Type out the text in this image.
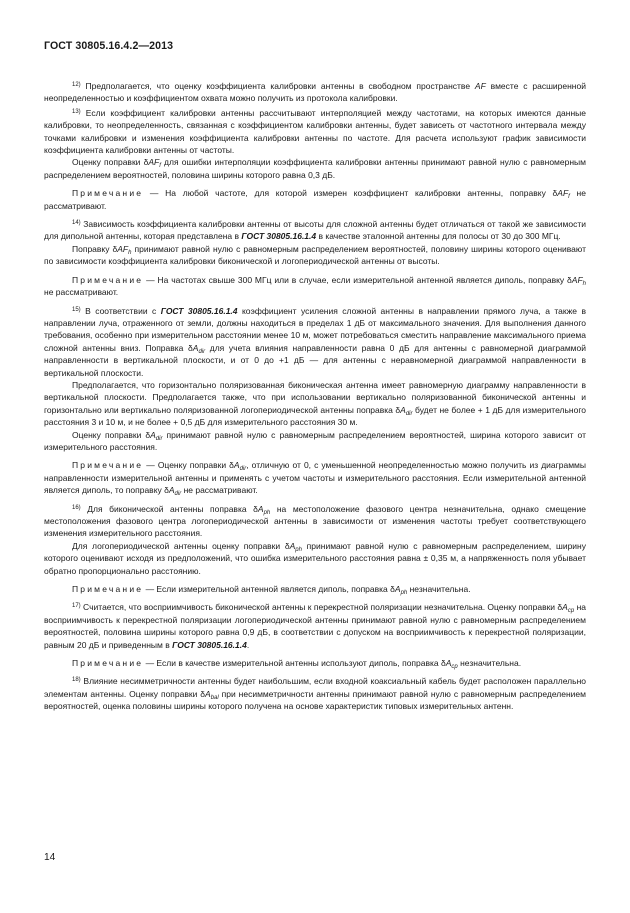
ГОСТ 30805.16.4.2—2013

$^{12)}$ Предполагается, что оценку коэффициента калибровки антенны в свободном пространстве AF вместе с расширенной неопределенностью и коэффициентом охвата можно получить из протокола калибровки.

$^{13)}$ Если коэффициент калибровки антенны рассчитывают интерполяцией между частотами, на которых имеются данные калибровки, то неопределенность, связанная с коэффициентом калибровки антенны, будет зависеть от частотного интервала между точками калибровки и изменения коэффициента калибровки антенны по частоте. Для расчета используют график зависимости коэффициента калибровки антенны от частоты.

Оценку поправки δAF$_f$ для ошибки интерполяции коэффициента калибровки антенны принимают равной нулю с равномерным распределением вероятностей, половина ширины которого равна 0,3 дБ.

Примечание — На любой частоте, для которой измерен коэффициент калибровки антенны, поправку δAF$_f$ не рассматривают.

$^{14)}$ Зависимость коэффициента калибровки антенны от высоты для сложной антенны будет отличаться от такой же зависимости для дипольной антенны, которая представлена в ГОСТ 30805.16.1.4 в качестве эталонной антенны для полосы от 30 до 300 МГц.

Поправку δAF$_h$ принимают равной нулю с равномерным распределением вероятностей, половину ширины которого оценивают по зависимости коэффициента калибровки биконической и логопериодической антенны от высоты.

Примечание — На частотах свыше 300 МГц или в случае, если измерительной антенной является диполь, поправку δAF$_h$ не рассматривают.

$^{15)}$ В соответствии с ГОСТ 30805.16.1.4 коэффициент усиления сложной антенны в направлении прямого луча, а также в направлении луча, отраженного от земли, должны находиться в пределах 1 дБ от максимального значения. Для выполнения данного требования, особенно при измерительном расстоянии менее 10 м, может потребоваться сместить направление максимального приема сложной антенны вниз. Поправка $\delta A_{dir}$ для учета влияния направленности равна 0 дБ для антенны с равномерной диаграммой направленности в вертикальной плоскости, и от 0 до +1 дБ — для антенны с неравномерной диаграммой направленности в вертикальной плоскости.

Предполагается, что горизонтально поляризованная биконическая антенна имеет равномерную диаграмму направленности в вертикальной плоскости. Предполагается также, что при использовании вертикально поляризованной биконической антенны и горизонтально или вертикально поляризованной логопериодической антенны поправка $\delta A_{dir}$ будет не более + 1 дБ для измерительного расстояния 3 и 10 м, и не более + 0,5 дБ для измерительного расстояния 30 м.

Оценку поправки $\delta A_{dir}$ принимают равной нулю с равномерным распределением вероятностей, ширина которого зависит от измерительного расстояния.

Примечание — Оценку поправки $\delta A_{dir}$, отличную от 0, с уменьшенной неопределенностью можно получить из диаграммы направленности измерительной антенны и применять с учетом частоты и измерительного расстояния. Если измерительной антенной является диполь, то поправку $\delta A_{dir}$ не рассматривают.

$^{16)}$ Для биконической антенны поправка $\delta A_{ph}$ на местоположение фазового центра незначительна, однако смещение местоположения фазового центра логопериодической антенны в зависимости от изменения частоты требует соответствующего изменения измерительного расстояния.

Для логопериодической антенны оценку поправки $\delta A_{ph}$ принимают равной нулю с равномерным распределением, ширину которого оценивают исходя из предположений, что ошибка измерительного расстояния равна ± 0,35 м, а напряженность поля убывает обратно пропорционально расстоянию.

Примечание — Если измерительной антенной является диполь, поправка $\delta A_{ph}$ незначительна.

$^{17)}$ Считается, что восприимчивость биконической антенны к перекрестной поляризации незначительна. Оценку поправки $\delta A_{cp}$ на восприимчивость к перекрестной поляризации логопериодической антенны принимают равной нулю с равномерным распределением вероятностей, половина ширины которого равна 0,9 дБ, в соответствии с допуском на восприимчивость к перекрестной поляризации, равным 20 дБ и приведенным в ГОСТ 30805.16.1.4.

Примечание — Если в качестве измерительной антенны используют диполь, поправка $\delta A_{cp}$ незначительна.

$^{18)}$ Влияние несимметричности антенны будет наибольшим, если входной коаксиальный кабель будет расположен параллельно элементам антенны. Оценку поправки $\delta A_{bal}$ при несимметричности антенны принимают равной нулю с равномерным распределением вероятностей, оценка половины ширины которого получена на основе характеристик типовых измерительных антенн.

14
